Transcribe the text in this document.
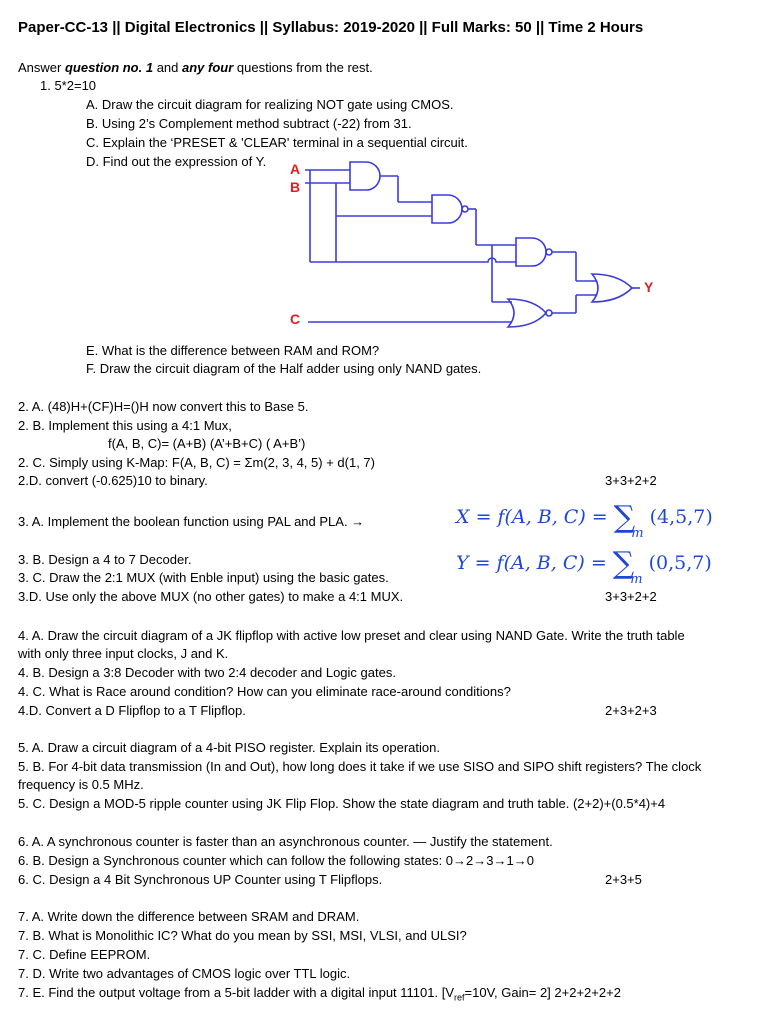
Paper-CC-13 || Digital Electronics || Syllabus: 2019-2020 || Full Marks: 50 || Time 2 Hours
Answer question no. 1 and any four questions from the rest.
1. 5*2=10
A. Draw the circuit diagram for realizing NOT gate using CMOS.
B. Using 2’s Complement method subtract (-22) from 31.
C. Explain the ‘PRESET & 'CLEAR' terminal in a sequential circuit.
D. Find out the expression of Y. A
B
C
Y
E. What is the difference between RAM and ROM?
F. Draw the circuit diagram of the Half adder using only NAND gates.
2. A. (48)H+(CF)H=()H now convert this to Base 5.
2. B. Implement this using a 4:1 Mux,
f(A, B, C)= (A+B) (A’+B+C) ( A+B’)
2. C. Simply using K-Map: F(A, B, C) = Σm(2, 3, 4, 5) + d(1, 7)
2.D. convert (-0.625)10 to binary.	3+3+2+2
3. A. Implement the boolean function using PAL and PLA. →	X = f(A, B, $C) = \sum_m$ (4,5,7)
Y = f(A, B, $C) = \sum_m$ (0,5,7)
3. B. Design a 4 to 7 Decoder.
3. C. Draw the 2:1 MUX (with Enble input) using the basic gates.
3.D. Use only the above MUX (no other gates) to make a 4:1 MUX.	3+3+2+2
4. A. Draw the circuit diagram of a JK flipflop with active low preset and clear using NAND Gate. Write the truth table
with only three input clocks, J and K.
4. B. Design a 3:8 Decoder with two 2:4 decoder and Logic gates.
4. C. What is Race around condition? How can you eliminate race-around conditions?
4.D. Convert a D Flipflop to a T Flipflop.	2+3+2+3
5. A. Draw a circuit diagram of a 4-bit PISO register. Explain its operation.
5. B. For 4-bit data transmission (In and Out), how long does it take if we use SISO and SIPO shift registers? The clock
frequency is 0.5 MHz.
5. C. Design a MOD-5 ripple counter using JK Flip Flop. Show the state diagram and truth table. (2+2)+(0.5*4)+4
6. A. A synchronous counter is faster than an asynchronous counter. — Justify the statement.
6. B. Design a Synchronous counter which can follow the following states: 0→2→3→1→0
6. C. Design a 4 Bit Synchronous UP Counter using T Flipflops.	2+3+5
7. A. Write down the difference between SRAM and DRAM.
7. B. What is Monolithic IC? What do you mean by SSI, MSI, VLSI, and ULSI?
7. C. Define EEPROM.
7. D. Write two advantages of CMOS logic over TTL logic.
7. E. Find the output voltage from a 5-bit ladder with a digital input 11101. [$V_{ref}=10V$, Gain= 2] 2+2+2+2+2
